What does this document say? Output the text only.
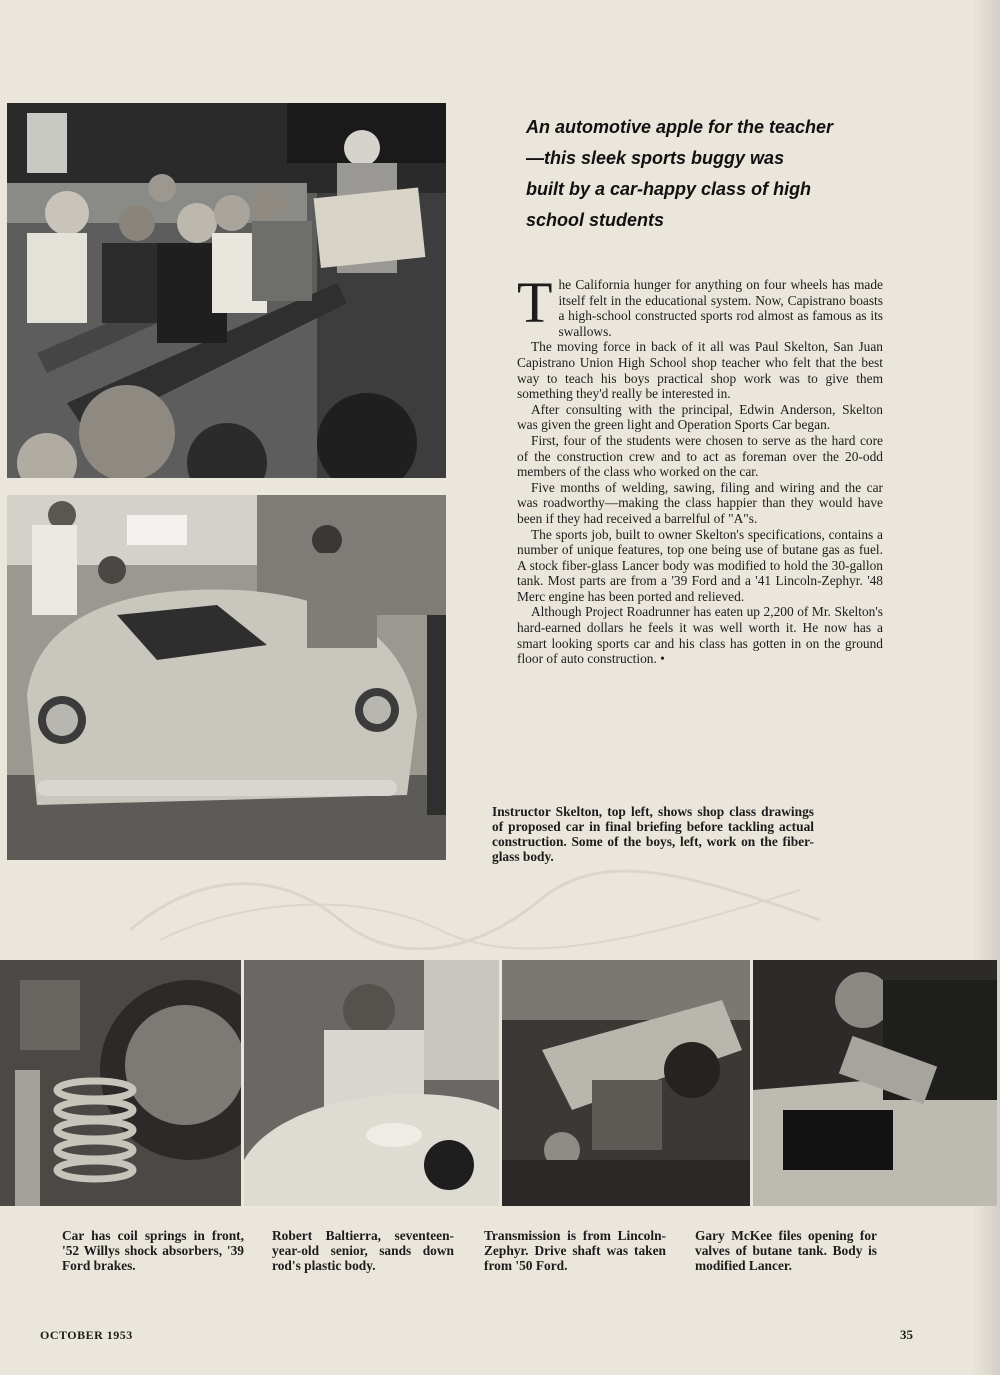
An automotive apple for the teacher
—this sleek sports buggy was
built by a car-happy class of high
school students

The California hunger for anything on four wheels has made itself felt in the educational system. Now, Capistrano boasts a high-school constructed sports rod almost as famous as its swallows.

The moving force in back of it all was Paul Skelton, San Juan Capistrano Union High School shop teacher who felt that the best way to teach his boys practical shop work was to give them something they'd really be interested in.

After consulting with the principal, Edwin Anderson, Skelton was given the green light and Operation Sports Car began.

First, four of the students were chosen to serve as the hard core of the construction crew and to act as foreman over the 20-odd members of the class who worked on the car.

Five months of welding, sawing, filing and wiring and the car was roadworthy—making the class happier than they would have been if they had received a barrelful of "A"s.

The sports job, built to owner Skelton's specifications, contains a number of unique features, top one being use of butane gas as fuel. A stock fiber-glass Lancer body was modified to hold the 30-gallon tank. Most parts are from a '39 Ford and a '41 Lincoln-Zephyr. '48 Merc engine has been ported and relieved.

Although Project Roadrunner has eaten up 2,200 of Mr. Skelton's hard-earned dollars he feels it was well worth it. He now has a smart looking sports car and his class has gotten in on the ground floor of auto construction. •

Instructor Skelton, top left, shows shop class drawings of proposed car in final briefing before tackling actual construction. Some of the boys, left, work on the fiber-glass body.
Car has coil springs in front, '52 Willys shock absorbers, '39 Ford brakes.
Robert Baltierra, seventeen-year-old senior, sands down rod's plastic body.
Transmission is from Lincoln-Zephyr. Drive shaft was taken from '50 Ford.
Gary McKee files opening for valves of butane tank. Body is modified Lancer.
OCTOBER 1953	35
